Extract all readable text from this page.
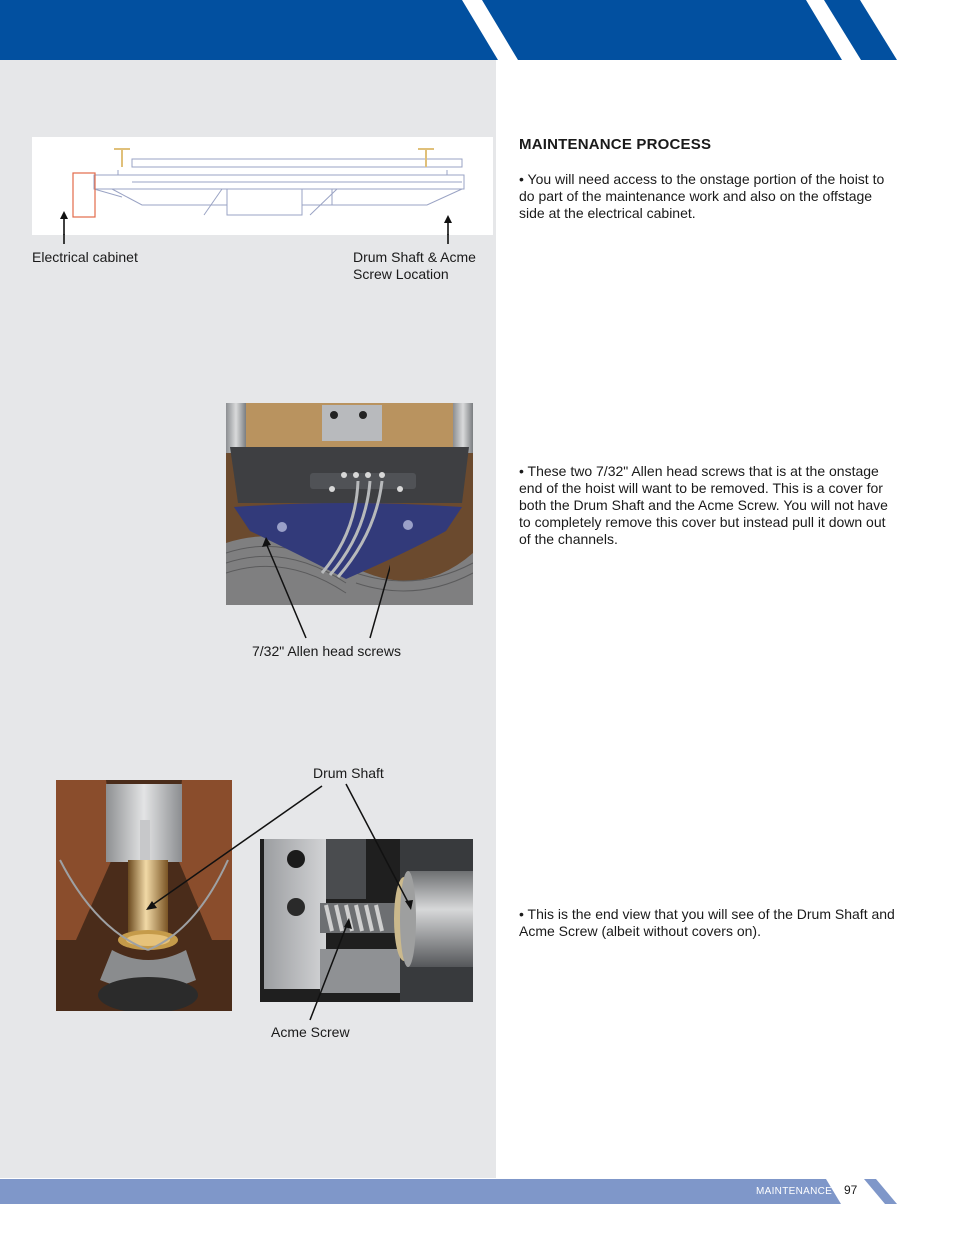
Electrical cabinet	Drum Shaft & Acme
Screw Location
7/32" Allen head screws
Drum Shaft
Acme Screw
MAINTENANCE PROCESS
• You will need access to the onstage portion of the hoist to do part of the maintenance work and also on the offstage side at the electrical cabinet.
• These two 7/32" Allen head screws that is at the onstage end of the hoist will want to be removed. This is a cover for both the Drum Shaft and the Acme Screw. You will not have to completely remove this cover but instead pull it down out of the channels.
• This is the end view that you will see of the Drum Shaft and Acme Screw (albeit without covers on).
MAINTENANCE 97
